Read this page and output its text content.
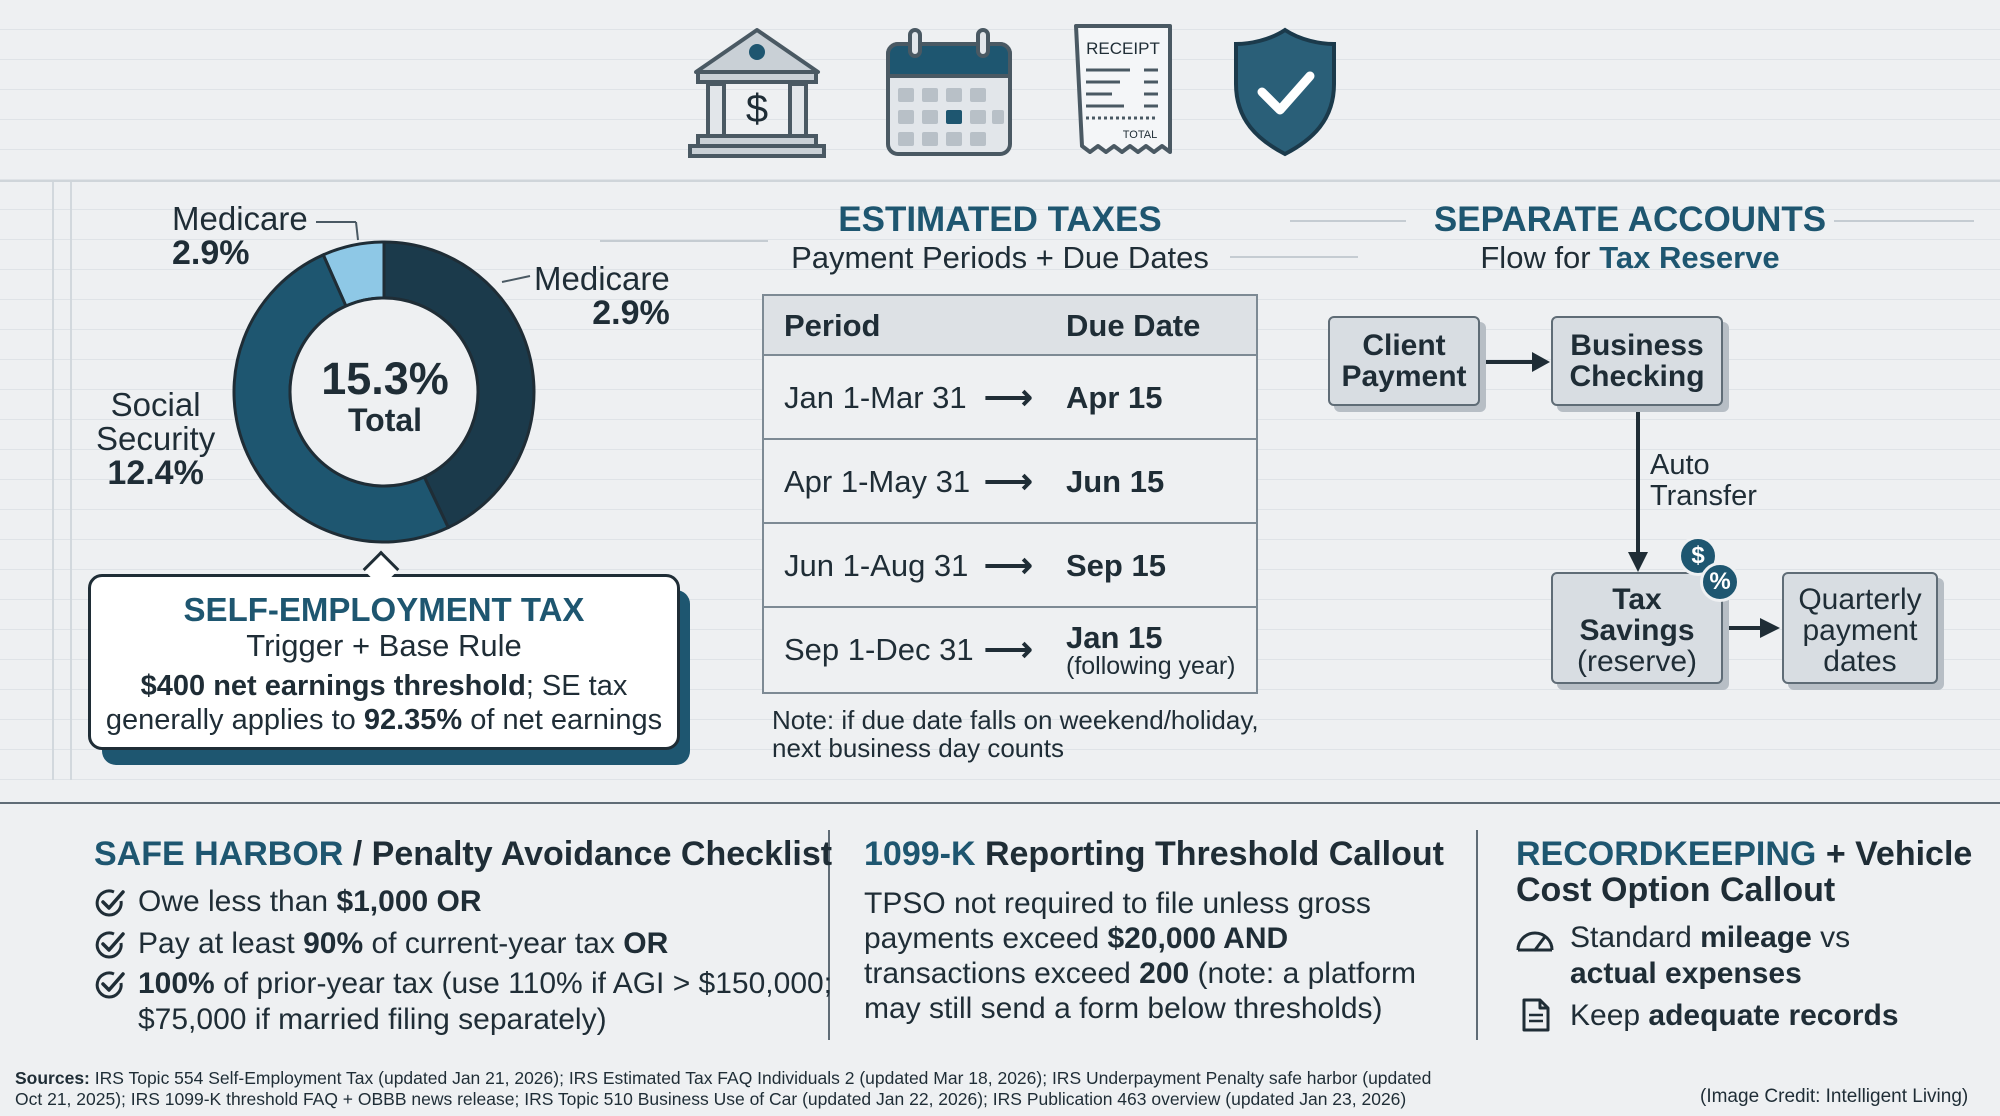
$
RECEIPT
TOTAL
15.3%
Total
Medicare
2.9%
Medicare
2.9%
Social
Security
12.4%
SELF-EMPLOYMENT TAX
Trigger + Base Rule
$400 net earnings threshold; SE tax
generally applies to 92.35% of net earnings
ESTIMATED TAXES
Payment Periods + Due Dates
Period	Due Date
Jan 1-Mar 31 ⟶ Apr 15
Apr 1-May 31 ⟶ Jun 15
Jun 1-Aug 31 ⟶ Sep 15
Sep 1-Dec 31 ⟶ Jan 15
(following year)
Note: if due date falls on weekend/holiday,
next business day counts
SEPARATE ACCOUNTS
Flow for Tax Reserve
Client
Payment
Business
Checking
Auto
Transfer
Tax
Savings
(reserve)
$
%
Quarterly
payment
dates
SAFE HARBOR / Penalty Avoidance Checklist
Owe less than $1,000 OR
Pay at least 90% of current-year tax OR
100% of prior-year tax (use 110% if AGI > $150,000;
$75,000 if married filing separately)
1099-K Reporting Threshold Callout
TPSO not required to file unless gross
payments exceed $20,000 AND
transactions exceed 200 (note: a platform
may still send a form below thresholds)
RECORDKEEPING + Vehicle
Cost Option Callout
Standard mileage vs
actual expenses
Keep adequate records
Sources: IRS Topic 554 Self-Employment Tax (updated Jan 21, 2026); IRS Estimated Tax FAQ Individuals 2 (updated Mar 18, 2026); IRS Underpayment Penalty safe harbor (updated
Oct 21, 2025); IRS 1099-K threshold FAQ + OBBB news release; IRS Topic 510 Business Use of Car (updated Jan 22, 2026); IRS Publication 463 overview (updated Jan 23, 2026)	(Image Credit: Intelligent Living)
